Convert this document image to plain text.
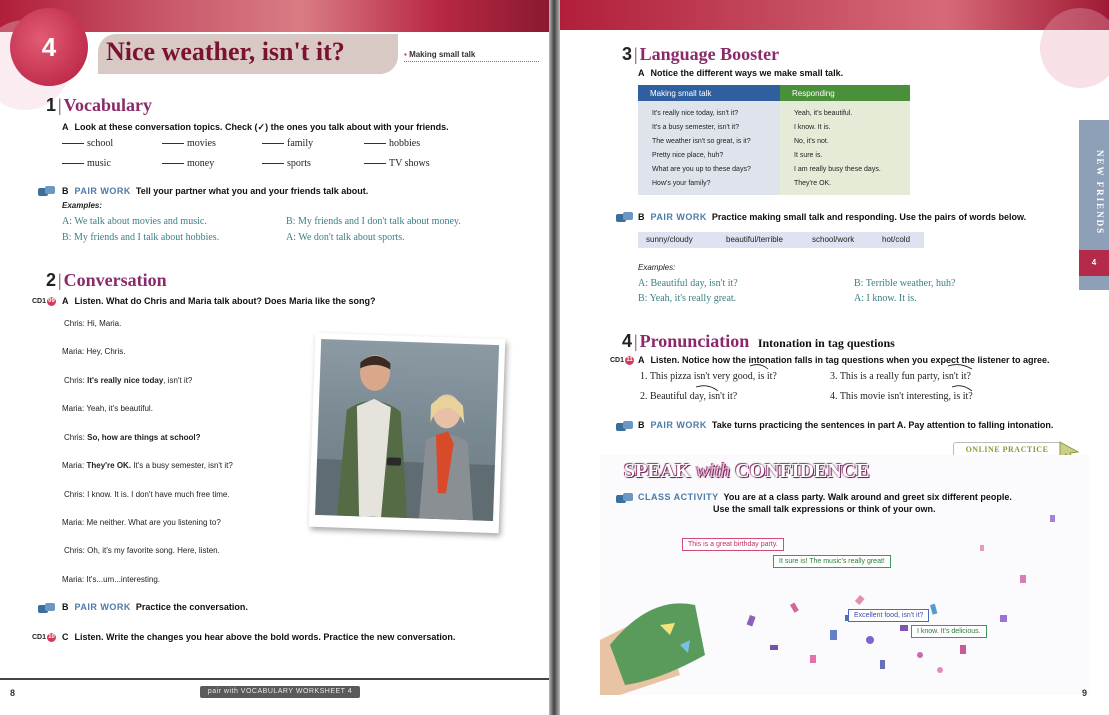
4	Nice weather, isn't it?	▪ Making small talk
1 | Vocabulary
A Look at these conversation topics. Check (✓) the ones you talk about with your friends.
school	movies	family	hobbies
music	money	sports	TV shows
B PAIR WORK Tell your partner what you and your friends talk about.
Examples:
A: We talk about movies and music.	B: My friends and I don't talk about money.
B: My friends and I talk about hobbies.	A: We don't talk about sports.
2 | Conversation
CD1 09 A Listen. What do Chris and Maria talk about? Does Maria like the song?
Chris: Hi, Maria.
Maria: Hey, Chris.
Chris: It's really nice today, isn't it?
Maria: Yeah, it's beautiful.
Chris: So, how are things at school?
Maria: They're OK. It's a busy semester, isn't it?
Chris: I know. It is. I don't have much free time.
Maria: Me neither. What are you listening to?
Chris: Oh, it's my favorite song. Here, listen.
Maria: It's...um...interesting.
B PAIR WORK Practice the conversation.
CD1 10 C Listen. Write the changes you hear above the bold words. Practice the new conversation.
8	pair with VOCABULARY WORKSHEET 4
3 | Language Booster
A Notice the different ways we make small talk.
Making small talk	Responding
It's really nice today, isn't it?	Yeah, it's beautiful.
It's a busy semester, isn't it?	I know. It is.
The weather isn't so great, is it?	No, it's not.
Pretty nice place, huh?	It sure is.
What are you up to these days?	I am really busy these days.
How's your family?	They're OK.
B PAIR WORK Practice making small talk and responding. Use the pairs of words below.
sunny/cloudy	beautiful/terrible	school/work	hot/cold
Examples:
A: Beautiful day, isn't it?	B: Terrible weather, huh?
B: Yeah, it's really great.	A: I know. It is.
4 | Pronunciation Intonation in tag questions
CD1 11 A Listen. Notice how the intonation falls in tag questions when you expect the listener to agree.
1. This pizza isn't very good, is it?	3. This is a really fun party, isn't it?
2. Beautiful day, isn't it?	4. This movie isn't interesting, is it?
B PAIR WORK Take turns practicing the sentences in part A. Pay attention to falling intonation.
ONLINE PRACTICE
SPEAK with CONFIDENCE
CLASS ACTIVITY You are at a class party. Walk around and greet six different people.
Use the small talk expressions or think of your own.
This is a great birthday party.
It sure is! The music's really great!
Excellent food, isn't it?
I know. It's delicious.
NEW FRIENDS
4
9
